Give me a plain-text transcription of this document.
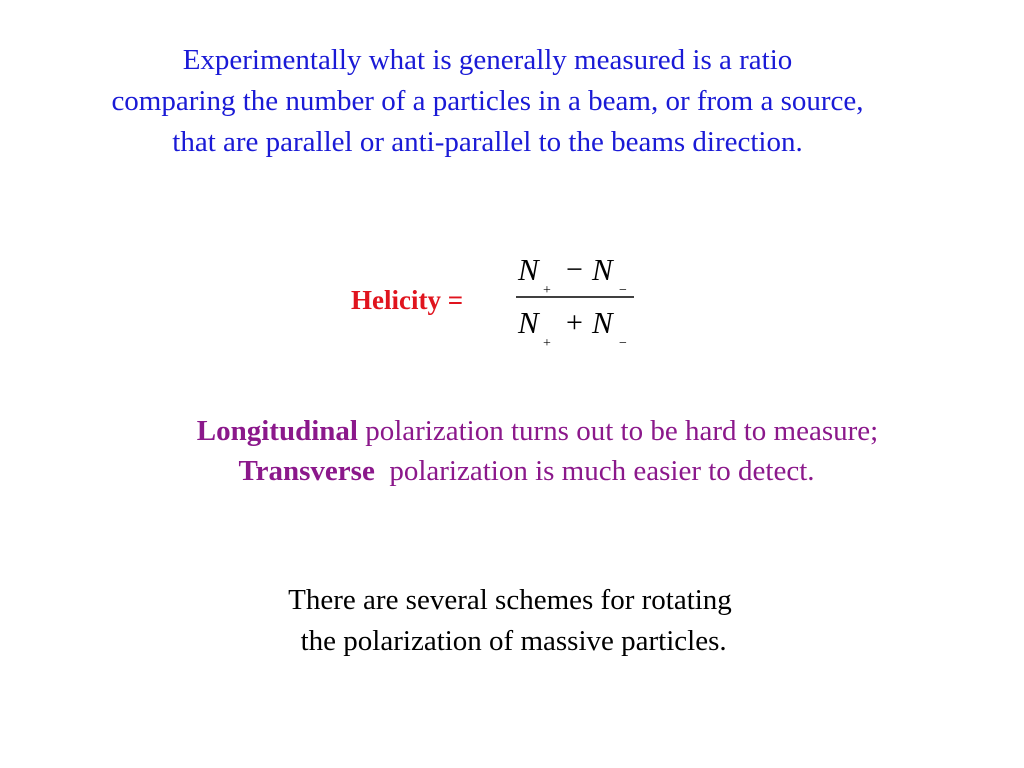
Experimentally what is generally measured is a ratio
comparing the number of a particles in a beam, or from a source,
that are parallel or anti-parallel to the beams direction.
Helicity =
N
+
− N
−
N
+
+ N
−
Longitudinal polarization turns out to be hard to measure;
Transverse  polarization is much easier to detect.
There are several schemes for rotating
the polarization of massive particles.
